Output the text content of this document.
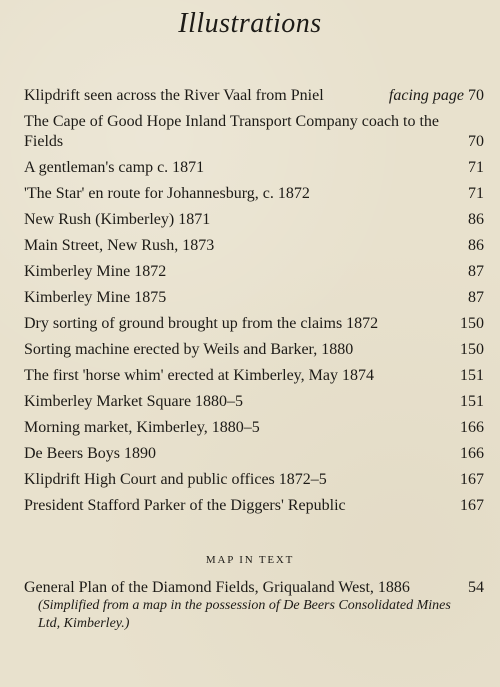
Illustrations
Klipdrift seen across the River Vaal from Pniel	facing page 70
The Cape of Good Hope Inland Transport Company coach to the Fields	70
A gentleman's camp c. 1871	71
'The Star' en route for Johannesburg, c. 1872	71
New Rush (Kimberley) 1871	86
Main Street, New Rush, 1873	86
Kimberley Mine 1872	87
Kimberley Mine 1875	87
Dry sorting of ground brought up from the claims 1872	150
Sorting machine erected by Weils and Barker, 1880	150
The first 'horse whim' erected at Kimberley, May 1874	151
Kimberley Market Square 1880–5	151
Morning market, Kimberley, 1880–5	166
De Beers Boys 1890	166
Klipdrift High Court and public offices 1872–5	167
President Stafford Parker of the Diggers' Republic	167
MAP IN TEXT
General Plan of the Diamond Fields, Griqualand West, 1886	54
(Simplified from a map in the possession of De Beers Consolidated Mines Ltd, Kimberley.)
